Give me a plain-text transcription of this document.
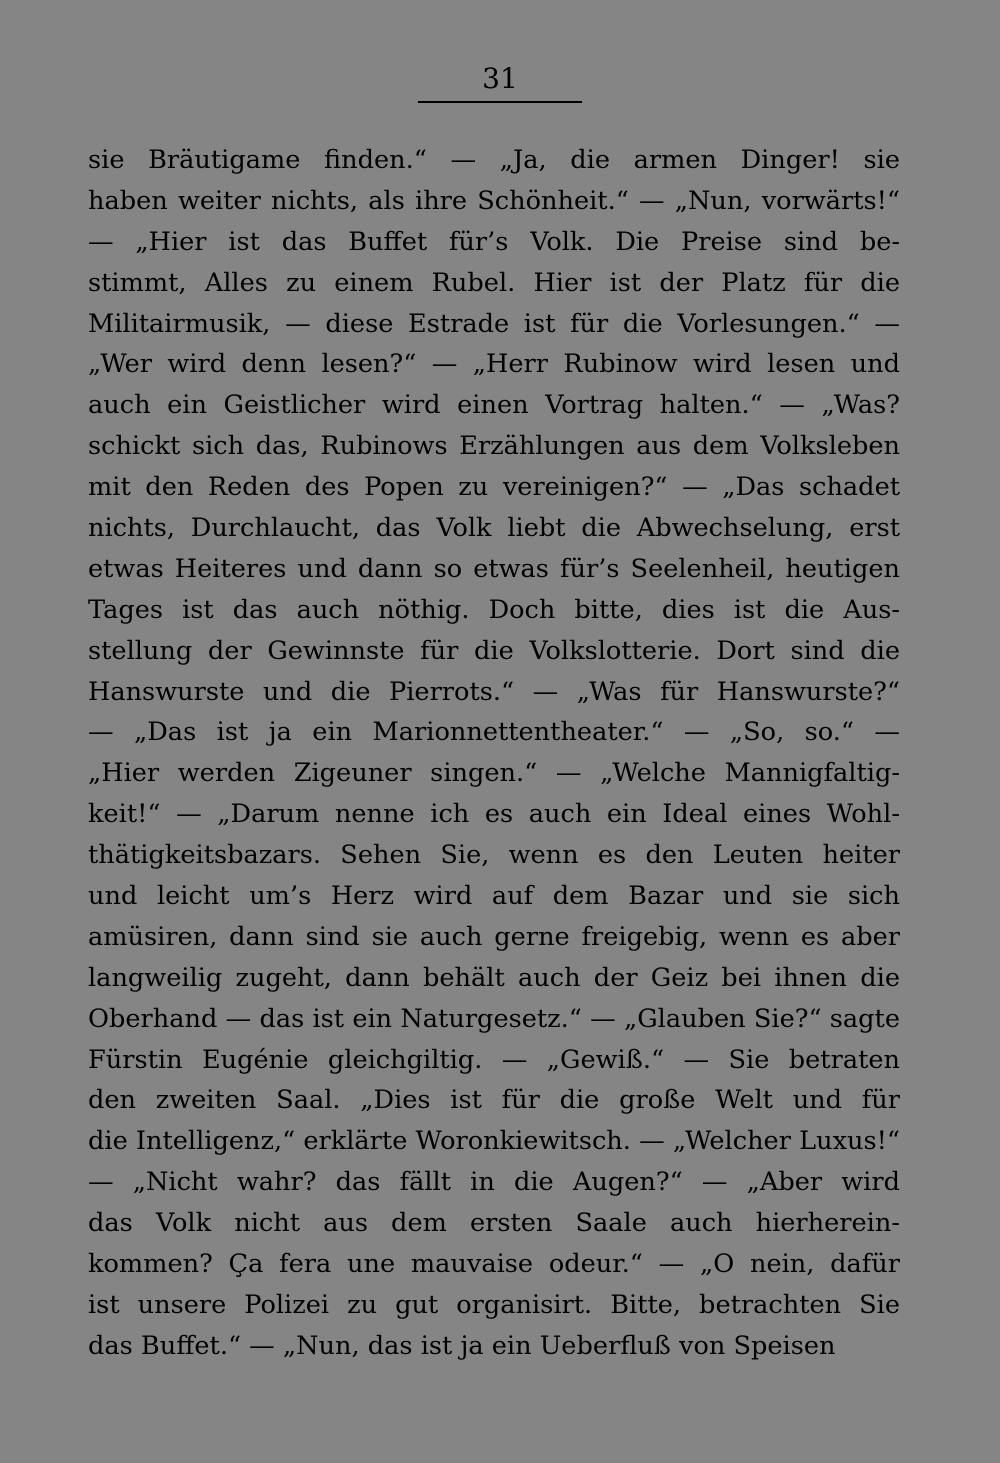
31
sie Bräutigame finden.“ — „Ja, die armen Dinger! sie
haben weiter nichts, als ihre Schönheit.“ — „Nun, vorwärts!“
— „Hier ist das Buffet für’s Volk. Die Preise sind be-
stimmt, Alles zu einem Rubel. Hier ist der Platz für die
Militairmusik, — diese Estrade ist für die Vorlesungen.“ —
„Wer wird denn lesen?“ — „Herr Rubinow wird lesen und
auch ein Geistlicher wird einen Vortrag halten.“ — „Was?
schickt sich das, Rubinows Erzählungen aus dem Volksleben
mit den Reden des Popen zu vereinigen?“ — „Das schadet
nichts, Durchlaucht, das Volk liebt die Abwechselung, erst
etwas Heiteres und dann so etwas für’s Seelenheil, heutigen
Tages ist das auch nöthig. Doch bitte, dies ist die Aus-
stellung der Gewinnste für die Volkslotterie. Dort sind die
Hanswurste und die Pierrots.“ — „Was für Hanswurste?“
— „Das ist ja ein Marionnettentheater.“ — „So, so.“ —
„Hier werden Zigeuner singen.“ — „Welche Mannigfaltig-
keit!“ — „Darum nenne ich es auch ein Ideal eines Wohl-
thätigkeitsbazars. Sehen Sie, wenn es den Leuten heiter
und leicht um’s Herz wird auf dem Bazar und sie sich
amüsiren, dann sind sie auch gerne freigebig, wenn es aber
langweilig zugeht, dann behält auch der Geiz bei ihnen die
Oberhand — das ist ein Naturgesetz.“ — „Glauben Sie?“ sagte
Fürstin Eugénie gleichgiltig. — „Gewiß.“ — Sie betraten
den zweiten Saal. „Dies ist für die große Welt und für
die Intelligenz,“ erklärte Woronkiewitsch. — „Welcher Luxus!“
— „Nicht wahr? das fällt in die Augen?“ — „Aber wird
das Volk nicht aus dem ersten Saale auch hierherein-
kommen? Ça fera une mauvaise odeur.“ — „O nein, dafür
ist unsere Polizei zu gut organisirt. Bitte, betrachten Sie
das Buffet.“ — „Nun, das ist ja ein Ueberfluß von Speisen
